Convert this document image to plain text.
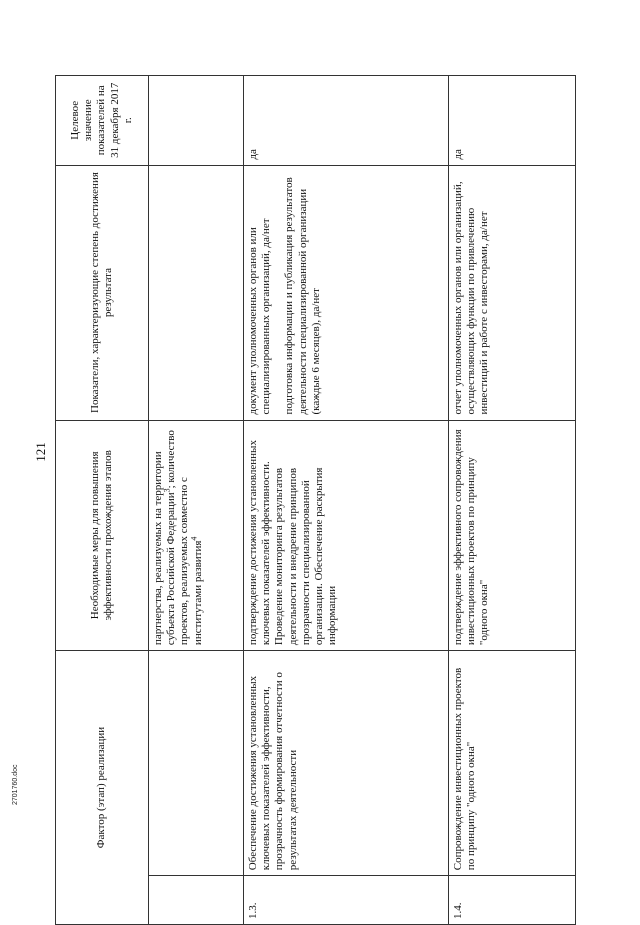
121
Фактор (этап) реализации		Необходимые меры для повышения эффективности прохождения этапов	Показатели, характеризующие степень достижения результата	Целевое значение показателей на 31 декабря 2017 г.
		партнерства, реализуемых на территории субъекта Российской Федерации$^3$; количество проектов, реализуемых совместно с институтами развития$^4$		
1.3.	Обеспечение достижения установленных ключевых показателей эффективности, прозрачность формирования отчетности о результатах деятельности	подтверждение достижения установленных ключевых показателей эффективности. Проведение мониторинга результатов деятельности и внедрение принципов прозрачности специализированной организации. Обеспечение раскрытия информации	документ уполномоченных органов или специализированных организаций, да/нет подготовка информации и публикация результатов деятельности специализированной организации (каждые 6 месяцев), да/нет	да
1.4.	Сопровождение инвестиционных проектов по принципу "одного окна"	подтверждение эффективного сопровождения инвестиционных проектов по принципу "одного окна"	отчет уполномоченных органов или организаций, осуществляющих функции по привлечению инвестиций и работе с инвесторами, да/нет	да
2701760.doc
